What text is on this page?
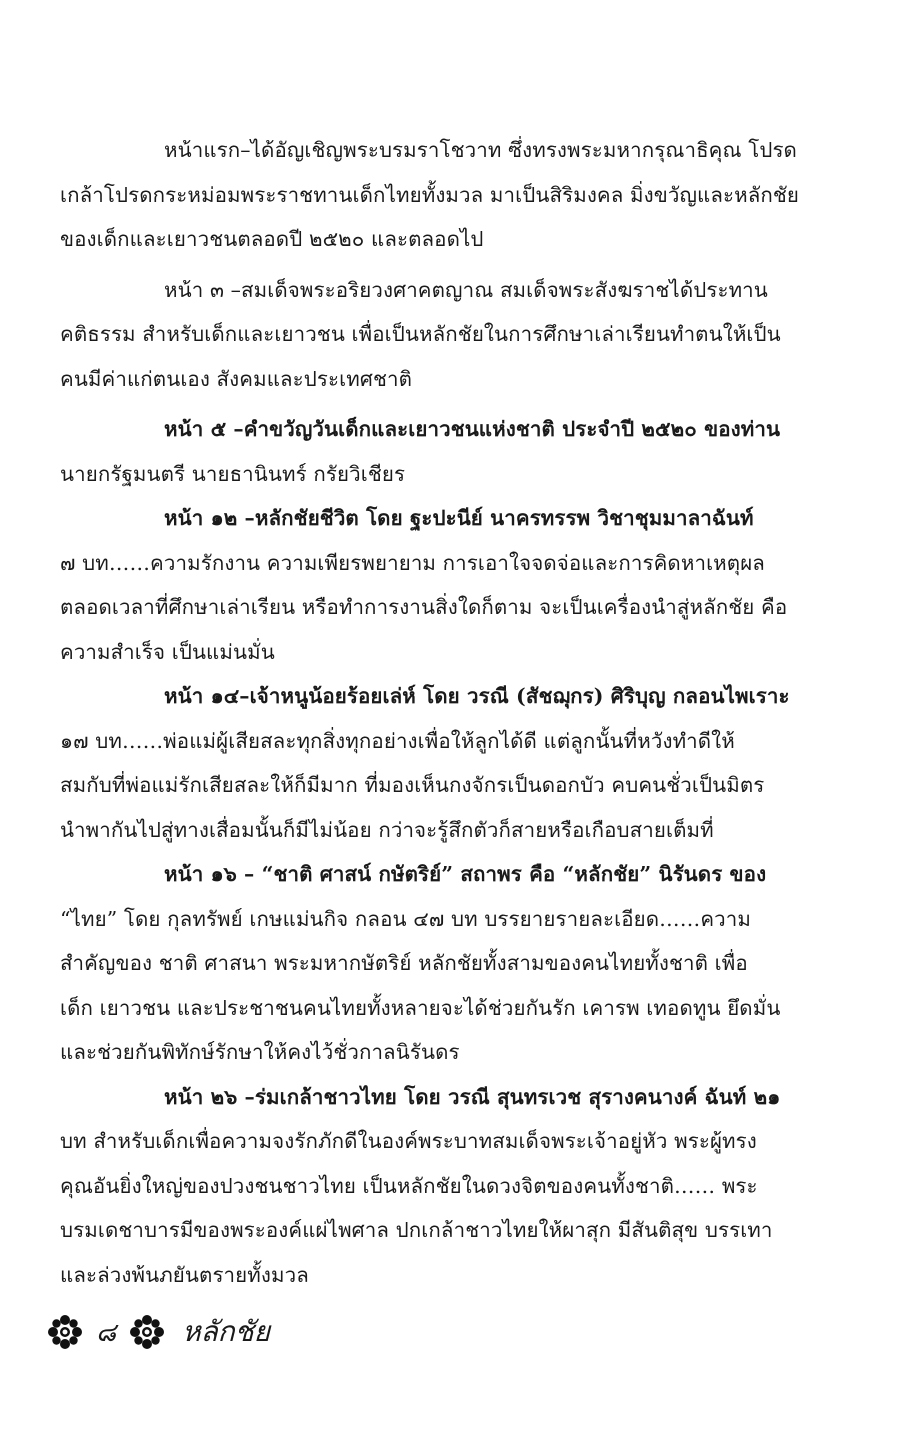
หน้าแรก–ได้อัญเชิญพระบรมราโชวาท ซึ่งทรงพระมหากรุณาธิคุณ โปรด
เกล้าโปรดกระหม่อมพระราชทานเด็กไทยทั้งมวล มาเป็นสิริมงคล มิ่งขวัญและหลักชัย
ของเด็กและเยาวชนตลอดปี ๒๕๒๐ และตลอดไป
หน้า ๓ –สมเด็จพระอริยวงศาคตญาณ สมเด็จพระสังฆราชได้ประทาน
คติธรรม สำหรับเด็กและเยาวชน เพื่อเป็นหลักชัยในการศึกษาเล่าเรียนทำตนให้เป็น
คนมีค่าแก่ตนเอง สังคมและประเทศชาติ
หน้า ๕ –คำขวัญวันเด็กและเยาวชนแห่งชาติ ประจำปี ๒๕๒๐ ของท่าน
นายกรัฐมนตรี นายธานินทร์ กรัยวิเชียร
หน้า ๑๒ –หลักชัยชีวิต โดย ฐะปะนีย์ นาครทรรพ วิชาชุมมาลาฉันท์
๗ บท……ความรักงาน ความเพียรพยายาม การเอาใจจดจ่อและการคิดหาเหตุผล
ตลอดเวลาที่ศึกษาเล่าเรียน หรือทำการงานสิ่งใดก็ตาม จะเป็นเครื่องนำสู่หลักชัย คือ
ความสำเร็จ เป็นแม่นมั่น
หน้า ๑๔–เจ้าหนูน้อยร้อยเล่ห์ โดย วรณี (สัชฌุกร) ศิริบุญ กลอนไพเราะ
๑๗ บท……พ่อแม่ผู้เสียสละทุกสิ่งทุกอย่างเพื่อให้ลูกได้ดี แต่ลูกนั้นที่หวังทำดีให้
สมกับที่พ่อแม่รักเสียสละให้ก็มีมาก ที่มองเห็นกงจักรเป็นดอกบัว คบคนชั่วเป็นมิตร
นำพากันไปสู่ทางเสื่อมนั้นก็มีไม่น้อย กว่าจะรู้สึกตัวก็สายหรือเกือบสายเต็มที่
หน้า ๑๖ – “ชาติ ศาสน์ กษัตริย์” สถาพร คือ “หลักชัย” นิรันดร ของ
“ไทย” โดย กุลทรัพย์ เกษแม่นกิจ กลอน ๔๗ บท บรรยายรายละเอียด……ความ
สำคัญของ ชาติ ศาสนา พระมหากษัตริย์ หลักชัยทั้งสามของคนไทยทั้งชาติ เพื่อ
เด็ก เยาวชน และประชาชนคนไทยทั้งหลายจะได้ช่วยกันรัก เคารพ เทอดทูน ยึดมั่น
และช่วยกันพิทักษ์รักษาให้คงไว้ชั่วกาลนิรันดร
หน้า ๒๖ –ร่มเกล้าชาวไทย โดย วรณี สุนทรเวช สุรางคนางค์ ฉันท์ ๒๑
บท สำหรับเด็กเพื่อความจงรักภักดีในองค์พระบาทสมเด็จพระเจ้าอยู่หัว พระผู้ทรง
คุณอันยิ่งใหญ่ของปวงชนชาวไทย เป็นหลักชัยในดวงจิตของคนทั้งชาติ…… พระ
บรมเดชาบารมีของพระองค์แผ่ไพศาล ปกเกล้าชาวไทยให้ผาสุก มีสันติสุข บรรเทา
และล่วงพ้นภยันตรายทั้งมวล
๘ หลักชัย
